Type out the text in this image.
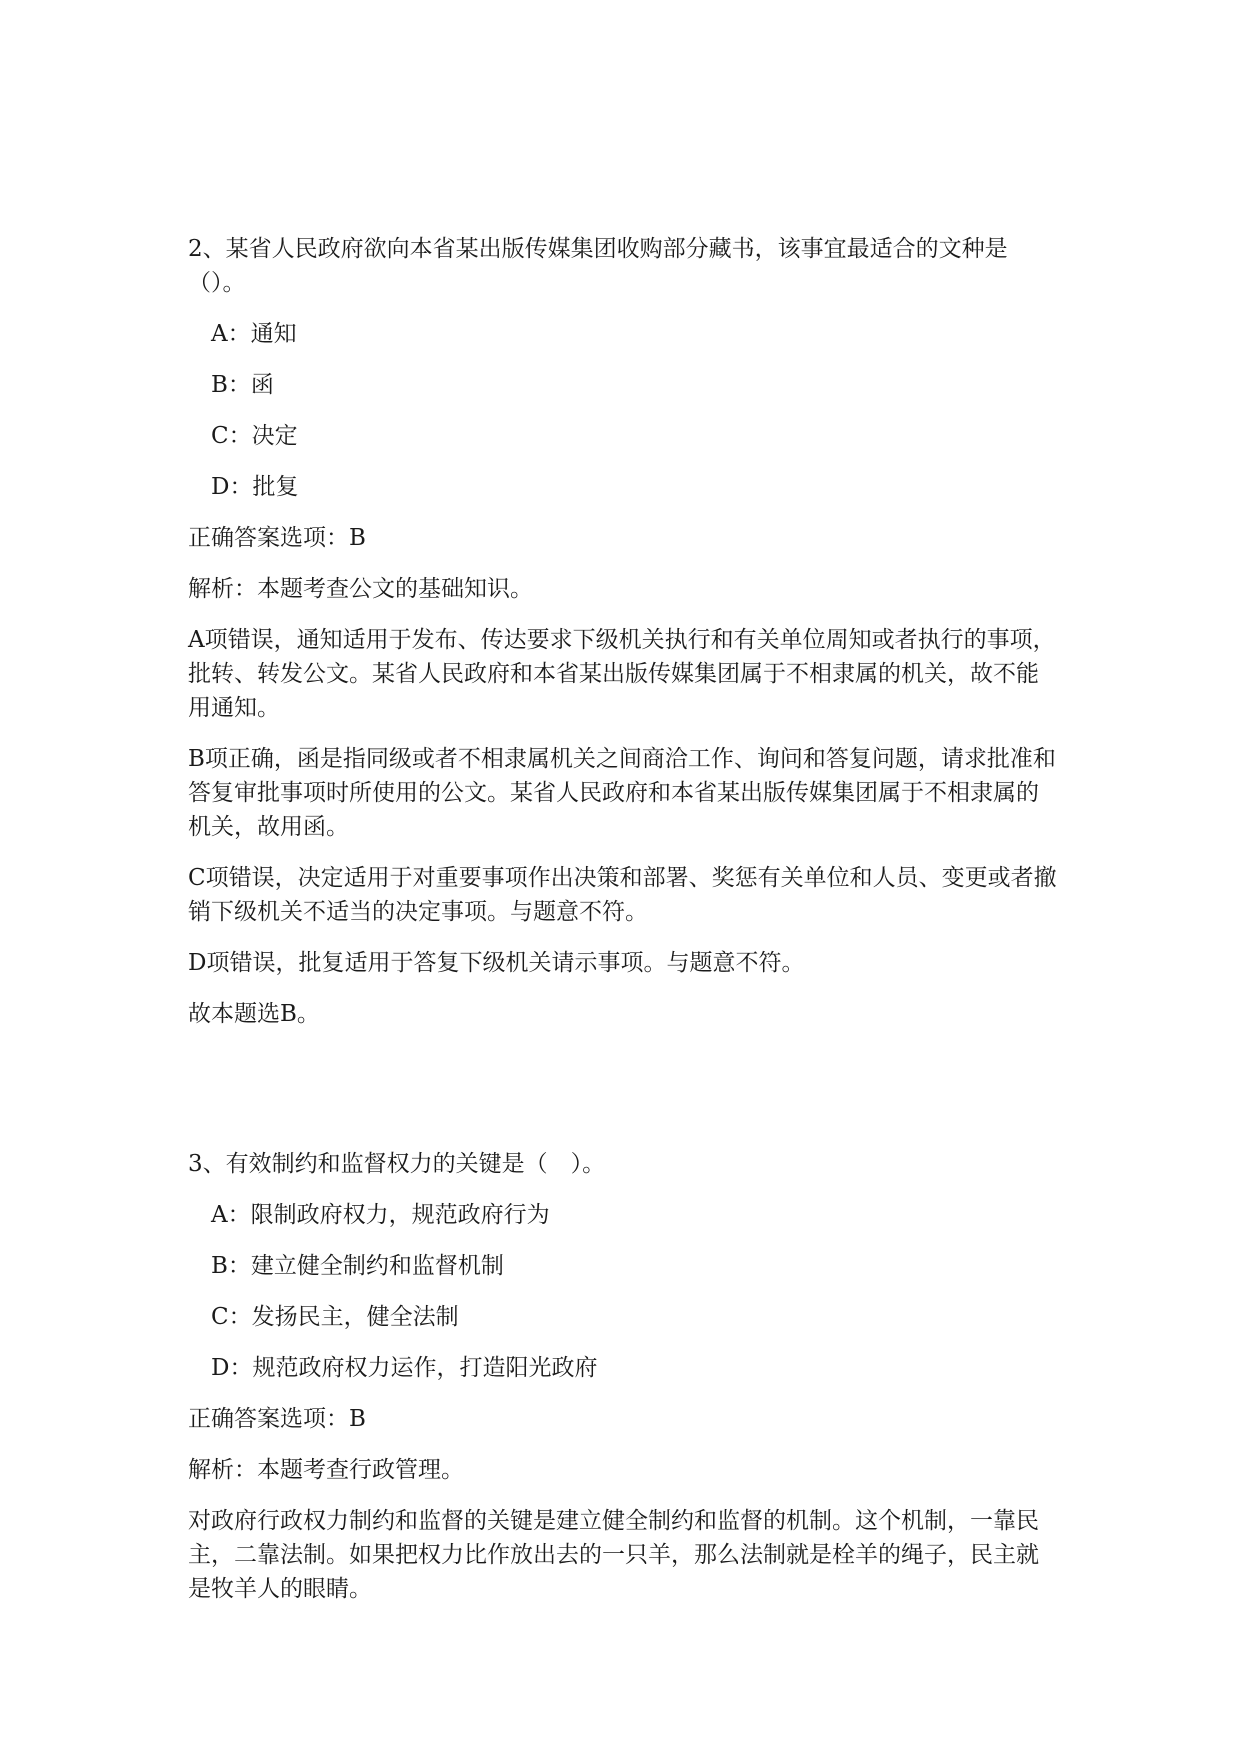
2、某省人民政府欲向本省某出版传媒集团收购部分藏书，该事宜最适合的文种是（）。

A：通知
B：函
C：决定
D：批复
正确答案选项：B
解析：本题考查公文的基础知识。

A项错误，通知适用于发布、传达要求下级机关执行和有关单位周知或者执行的事项，批转、转发公文。某省人民政府和本省某出版传媒集团属于不相隶属的机关，故不能用通知。

B项正确，函是指同级或者不相隶属机关之间商洽工作、询问和答复问题，请求批准和答复审批事项时所使用的公文。某省人民政府和本省某出版传媒集团属于不相隶属的机关，故用函。

C项错误，决定适用于对重要事项作出决策和部署、奖惩有关单位和人员、变更或者撤销下级机关不适当的决定事项。与题意不符。

D项错误，批复适用于答复下级机关请示事项。与题意不符。

故本题选B。

3、有效制约和监督权力的关键是（　）。

A：限制政府权力，规范政府行为
B：建立健全制约和监督机制
C：发扬民主，健全法制
D：规范政府权力运作，打造阳光政府
正确答案选项：B
解析：本题考查行政管理。

对政府行政权力制约和监督的关键是建立健全制约和监督的机制。这个机制，一靠民主，二靠法制。如果把权力比作放出去的一只羊，那么法制就是栓羊的绳子，民主就是牧羊人的眼睛。
